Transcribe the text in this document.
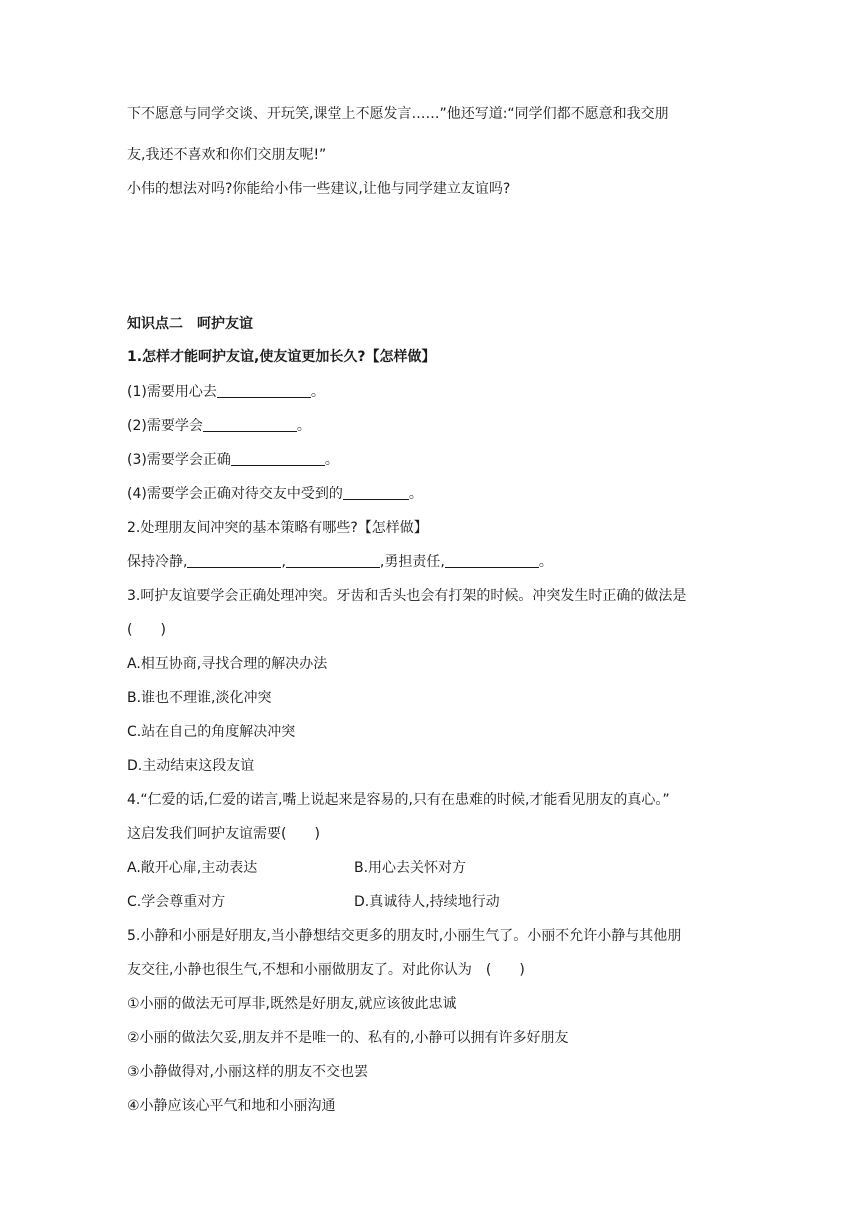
下不愿意与同学交谈、开玩笑,课堂上不愿发言……”他还写道:“同学们都不愿意和我交朋
友,我还不喜欢和你们交朋友呢!”
小伟的想法对吗?你能给小伟一些建议,让他与同学建立友谊吗?
知识点二　呵护友谊
1.怎样才能呵护友谊,使友谊更加长久?【怎样做】
(1)需要用心去	。
(2)需要学会	。
(3)需要学会正确	。
(4)需要学会正确对待交友中受到的	。
2.处理朋友间冲突的基本策略有哪些?【怎样做】
保持冷静,	,	,勇担责任,	。
3.呵护友谊要学会正确处理冲突。牙齿和舌头也会有打架的时候。冲突发生时正确的做法是
(　　)
A.相互协商,寻找合理的解决办法
B.谁也不理谁,淡化冲突
C.站在自己的角度解决冲突
D.主动结束这段友谊
4.“仁爱的话,仁爱的诺言,嘴上说起来是容易的,只有在患难的时候,才能看见朋友的真心。”
这启发我们呵护友谊需要(　　)
A.敞开心扉,主动表达	B.用心去关怀对方
C.学会尊重对方	D.真诚待人,持续地行动
5.小静和小丽是好朋友,当小静想结交更多的朋友时,小丽生气了。小丽不允许小静与其他朋
友交往,小静也很生气,不想和小丽做朋友了。对此你认为　(　　)
①小丽的做法无可厚非,既然是好朋友,就应该彼此忠诚
②小丽的做法欠妥,朋友并不是唯一的、私有的,小静可以拥有许多好朋友
③小静做得对,小丽这样的朋友不交也罢
④小静应该心平气和地和小丽沟通
